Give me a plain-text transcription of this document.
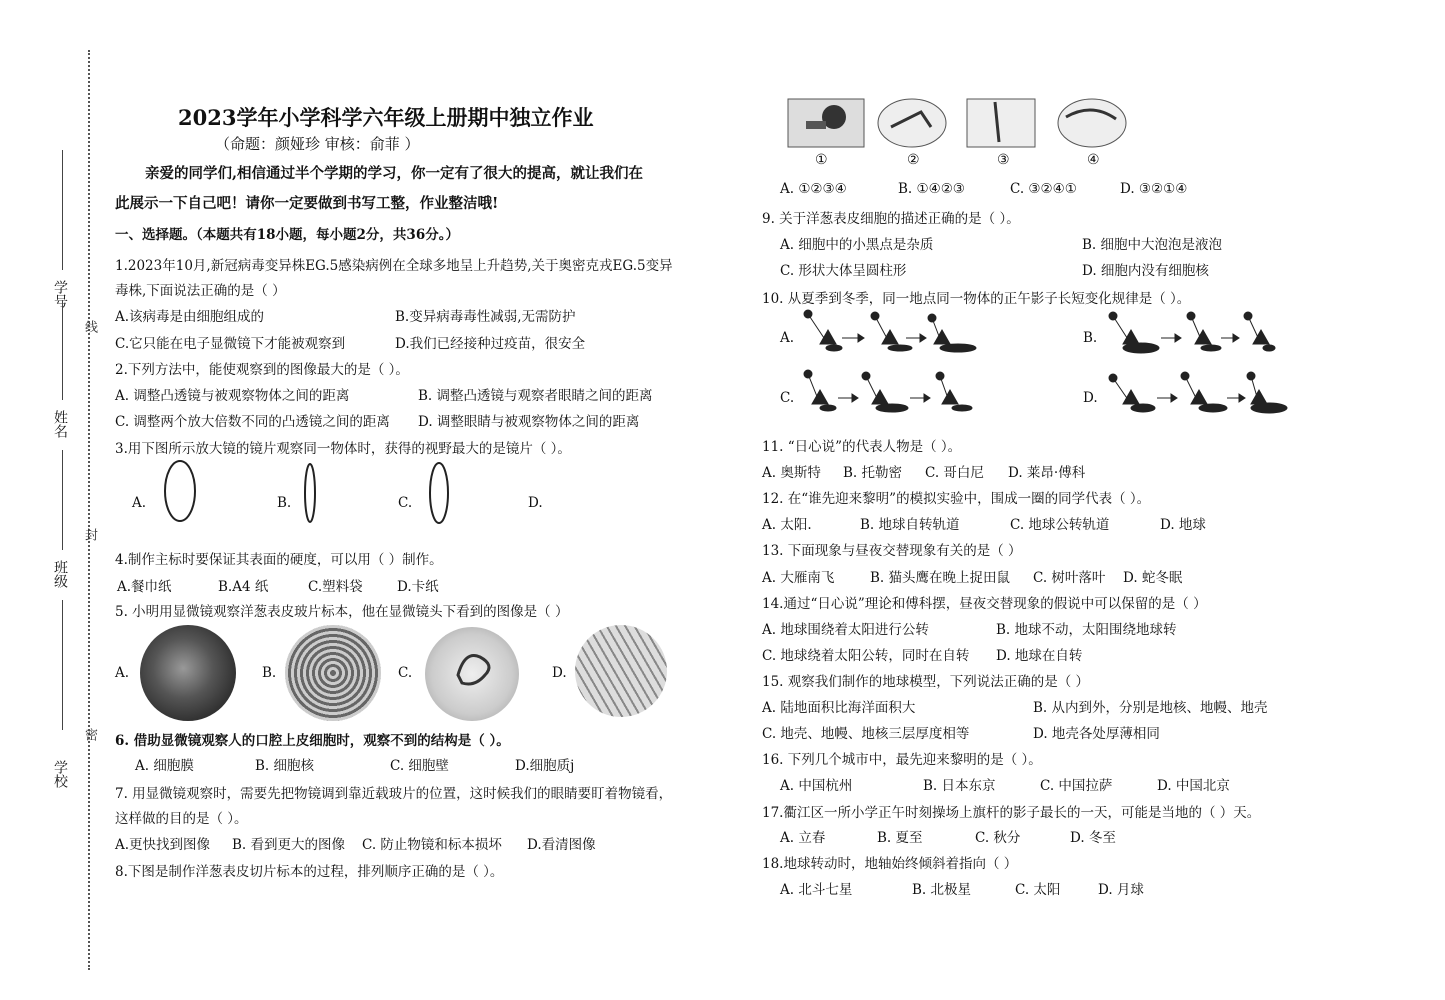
学号
线
姓名
封
班级
密
学校
2023学年小学科学六年级上册期中独立作业
（命题：颜娅珍 审核：俞菲 ）
亲爱的同学们,相信通过半个学期的学习，你一定有了很大的提高，就让我们在
此展示一下自己吧！请你一定要做到书写工整，作业整洁哦!
一、选择题。（本题共有18小题，每小题2分，共36分。）
1.2023年10月,新冠病毒变异株EG.5感染病例在全球多地呈上升趋势,关于奥密克戎EG.5变异
毒株,下面说法正确的是（ ）
A.该病毒是由细胞组成的	B.变异病毒毒性减弱,无需防护
C.它只能在电子显微镜下才能被观察到	D.我们已经接种过疫苗，很安全
2.下列方法中，能使观察到的图像最大的是（ ）。
A. 调整凸透镜与被观察物体之间的距离	B. 调整凸透镜与观察者眼睛之间的距离
C. 调整两个放大倍数不同的凸透镜之间的距离 D. 调整眼睛与被观察物体之间的距离
3.用下图所示放大镜的镜片观察同一物体时，获得的视野最大的是镜片（ ）。
A.	B.	C.	D.
4.制作主标时要保证其表面的硬度，可以用（ ）制作。
A.餐巾纸	B.A4 纸	C.塑料袋	D.卡纸
5. 小明用显微镜观察洋葱表皮玻片标本，他在显微镜头下看到的图像是（ ）
A.	B.	C.	D.
6. 借助显微镜观察人的口腔上皮细胞时，观察不到的结构是（ ）。
A. 细胞膜	B. 细胞核	C. 细胞壁	D.细胞质j
7. 用显微镜观察时，需要先把物镜调到靠近载玻片的位置，这时候我们的眼睛要盯着物镜看，
这样做的目的是（ ）。
A.更快找到图像 B. 看到更大的图像 C. 防止物镜和标本损坏 D.看清图像
8.下图是制作洋葱表皮切片标本的过程，排列顺序正确的是（ ）。
①	②	③	④
A. ①②③④	B. ①④②③	C. ③②④①	D. ③②①④
9. 关于洋葱表皮细胞的描述正确的是（ ）。
A. 细胞中的小黑点是杂质	B. 细胞中大泡泡是液泡
C. 形状大体呈圆柱形	D. 细胞内没有细胞核
10. 从夏季到冬季，同一地点同一物体的正午影子长短变化规律是（ ）。
A.	B.
C.	D.
11. “日心说”的代表人物是（ ）。
A. 奥斯特 B. 托勒密 C. 哥白尼 D. 莱昂·傅科
12. 在“谁先迎来黎明”的模拟实验中，围成一圈的同学代表（ ）。
A. 太阳.	B. 地球自转轨道	C. 地球公转轨道	D. 地球
13. 下面现象与昼夜交替现象有关的是（ ）
A. 大雁南飞	B. 猫头鹰在晚上捉田鼠 C. 树叶落叶 D. 蛇冬眠
14.通过“日心说”理论和傅科摆，昼夜交替现象的假说中可以保留的是（ ）
A. 地球围绕着太阳进行公转	B. 地球不动，太阳围绕地球转
C. 地球绕着太阳公转，同时在自转 D. 地球在自转
15. 观察我们制作的地球模型，下列说法正确的是（ ）
A. 陆地面积比海洋面积大	B. 从内到外，分别是地核、地幔、地壳
C. 地壳、地幔、地核三层厚度相等	D. 地壳各处厚薄相同
16. 下列几个城市中，最先迎来黎明的是（ ）。
A. 中国杭州	B. 日本东京	C. 中国拉萨	D. 中国北京
17.衢江区一所小学正午时刻操场上旗杆的影子最长的一天，可能是当地的（ ）天。
A. 立春	B. 夏至	C. 秋分	D. 冬至
18.地球转动时，地轴始终倾斜着指向（ ）
A. 北斗七星	B. 北极星	C. 太阳	D. 月球
